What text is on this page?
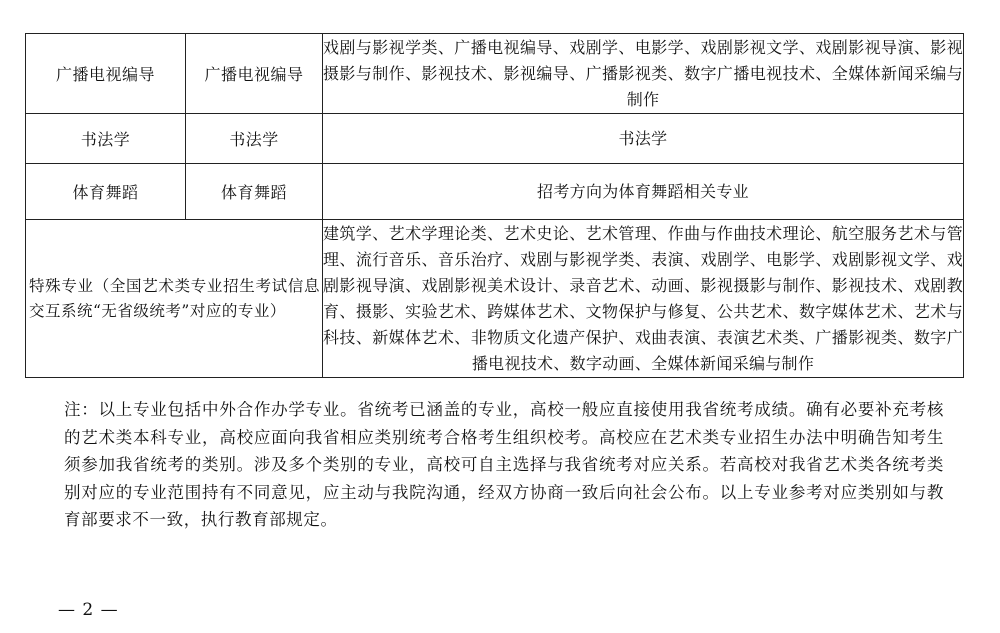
广播电视编导	广播电视编导	戏剧与影视学类、广播电视编导、戏剧学、电影学、戏剧影视文学、戏剧影视导演、影视摄影与制作、影视技术、影视编导、广播影视类、数字广播电视技术、全媒体新闻采编与制作
书法学	书法学	书法学
体育舞蹈	体育舞蹈	招考方向为体育舞蹈相关专业
特殊专业（全国艺术类专业招生考试信息交互系统“无省级统考”对应的专业）		建筑学、艺术学理论类、艺术史论、艺术管理、作曲与作曲技术理论、航空服务艺术与管理、流行音乐、音乐治疗、戏剧与影视学类、表演、戏剧学、电影学、戏剧影视文学、戏剧影视导演、戏剧影视美术设计、录音艺术、动画、影视摄影与制作、影视技术、戏剧教育、摄影、实验艺术、跨媒体艺术、文物保护与修复、公共艺术、数字媒体艺术、艺术与科技、新媒体艺术、非物质文化遗产保护、戏曲表演、表演艺术类、广播影视类、数字广播电视技术、数字动画、全媒体新闻采编与制作

注：以上专业包括中外合作办学专业。省统考已涵盖的专业，高校一般应直接使用我省统考成绩。确有必要补充考核的艺术类本科专业，高校应面向我省相应类别统考合格考生组织校考。高校应在艺术类专业招生办法中明确告知考生须参加我省统考的类别。涉及多个类别的专业，高校可自主选择与我省统考对应关系。若高校对我省艺术类各统考类别对应的专业范围持有不同意见，应主动与我院沟通，经双方协商一致后向社会公布。以上专业参考对应类别如与教育部要求不一致，执行教育部规定。

— 2 —
